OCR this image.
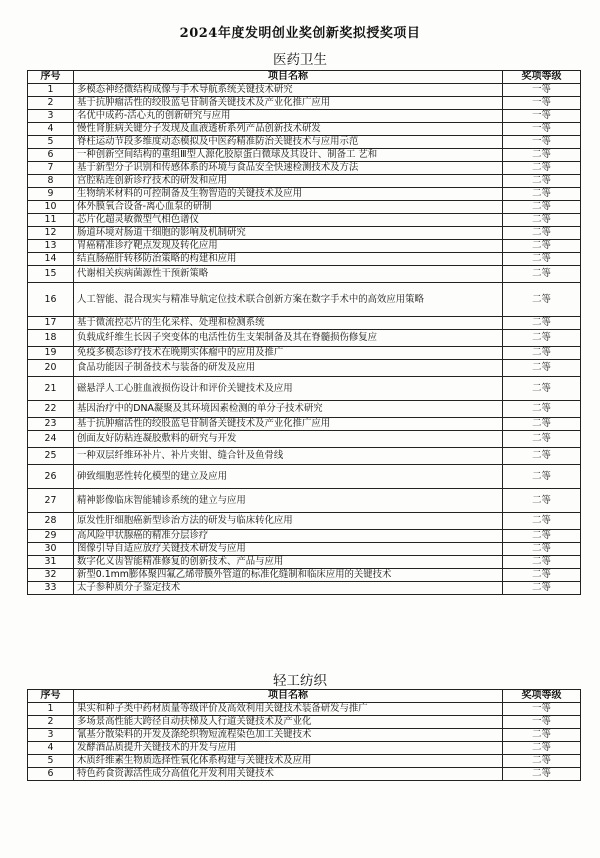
2024年度发明创业奖创新奖拟授奖项目
医药卫生
序号	项目名称	奖项等级
1	多模态神经微结构成像与手术导航系统关键技术研究	一等
2	基于抗肿瘤活性的绞股蓝皂苷制备关键技术及产业化推广应用	一等
3	名优中成药-活心丸的创新研究与应用	一等
4	慢性肾脏病关键分子发现及血液透析系列产品创新技术研发	一等
5	脊柱运动节段多维度动态模拟及中医药精准防治关键技术与应用示范	一等
6	一种创新空间结构的重组Ⅲ型人源化胶原蛋白微球及其设计、制备工 艺和	二等
7	基于新型分子识别和传感体系的环境与食品安全快速检测技术及方法	二等
8	宫腔粘连创新诊疗技术的研发和应用	二等
9	生物纳米材料的可控制备及生物智造的关键技术及应用	二等
10	体外膜氧合设备-离心血泵的研制	二等
11	芯片化超灵敏微型气相色谱仪	二等
12	肠道环境对肠道干细胞的影响及机制研究	二等
13	胃癌精准诊疗靶点发现及转化应用	二等
14	结直肠癌肝转移防治策略的构建和应用	二等
15	代谢相关疾病菌源性干预新策略	二等
16	人工智能、混合现实与精准导航定位技术联合创新方案在数字手术中的高效应用策略	二等
17	基于微流控芯片的生化采样、处理和检测系统	二等
18	负载成纤维生长因子突变体的电活性仿生支架制备及其在脊髓损伤修复应	二等
19	免疫多模态诊疗技术在晚期实体瘤中的应用及推广	二等
20	食品功能因子制备技术与装备的研发及应用	二等
21	磁悬浮人工心脏血液损伤设计和评价关键技术及应用	二等
22	基因治疗中的DNA凝聚及其环境因素检测的单分子技术研究	二等
23	基于抗肿瘤活性的绞股蓝皂苷制备关键技术及产业化推广应用	二等
24	创面友好防粘连凝胶敷料的研究与开发	二等
25	一种双层纤维环补片、补片夹钳、缝合针及鱼骨线	二等
26	砷致细胞恶性转化模型的建立及应用	二等
27	精神影像临床智能辅诊系统的建立与应用	二等
28	原发性肝细胞癌新型诊治方法的研发与临床转化应用	二等
29	高风险甲状腺癌的精准分层诊疗	二等
30	图像引导自适应放疗关键技术研发与应用	二等
31	数字化义齿智能精准修复的创新技术、产品与应用	二等
32	新型0.1mm膨体聚四氟乙烯带膜外管道的标准化缝制和临床应用的关键技术	二等
33	太子参种质分子鉴定技术	二等
轻工纺织
序号	项目名称	奖项等级
1	果实和种子类中药材质量等级评价及高效利用关键技术装备研发与推广	一等
2	多场景高性能大跨径自动扶梯及人行道关键技术及产业化	一等
3	氰基分散染料的开发及涤纶织物短流程染色加工关键技术	二等
4	发酵酒品质提升关键技术的开发与应用	二等
5	木质纤维素生物质选择性氧化体系构建与关键技术及应用	二等
6	特色药食资源活性成分高值化开发利用关键技术	二等
